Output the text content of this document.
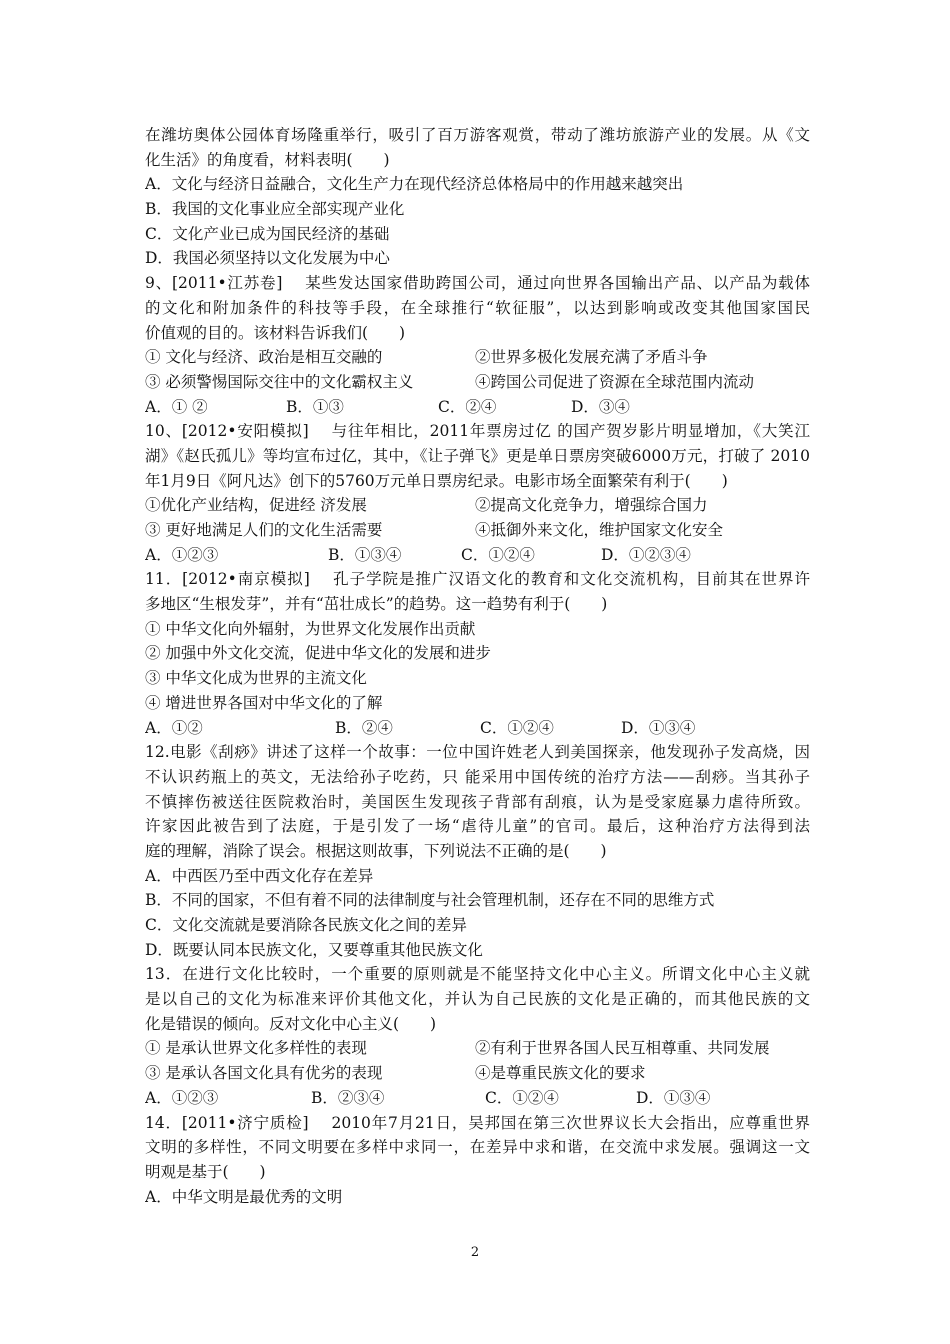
在潍坊奥体公园体育场隆重举行，吸引了百万游客观赏，带动了潍坊旅游产业的发展。从《文
化生活》的角度看，材料表明(　　)
A．文化与经济日益融合，文化生产力在现代经济总体格局中的作用越来越突出
B．我国的文化事业应全部实现产业化
C．文化产业已成为国民经济的基础
D．我国必须坚持以文化发展为中心
9、[2011•江苏卷]　 某些发达国家借助跨国公司，通过向世界各国输出产品、以产品为载体
的文化和附加条件的科技等手段，在全球推行“软征服”，以达到影响或改变其他国家国民
价值观的目的。该材料告诉我们(　　)
① 文化与经济、政治是相互交融的	②世界多极化发展充满了矛盾斗争
③ 必须警惕国际交往中的文化霸权主义	④跨国公司促进了资源在全球范围内流动
A．① ②	B．①③	C．②④	D．③④
10、[2012•安阳模拟]　 与往年相比，2011年票房过亿 的国产贺岁影片明显增加，《大笑江
湖》《赵氏孤儿》等均宣布过亿，其中，《让子弹飞》更是单日票房突破6000万元，打破了 2010
年1月9日《阿凡达》创下的5760万元单日票房纪录。电影市场全面繁荣有利于(　　)
①优化产业结构，促进经 济发展	②提高文化竞争力，增强综合国力
③ 更好地满足人们的文化生活需要	④抵御外来文化，维护国家文化安全
A．①②③	B．①③④	C．①②④	D．①②③④
11．[2012•南京模拟]　 孔子学院是推广汉语文化的教育和文化交流机构，目前其在世界许
多地区“生根发芽”，并有“茁壮成长”的趋势。这一趋势有利于(　　)
① 中华文化向外辐射，为世界文化发展作出贡献
② 加强中外文化交流，促进中华文化的发展和进步
③ 中华文化成为世界的主流文化
④ 增进世界各国对中华文化的了解
A．①②	B．②④	C．①②④	D．①③④
12.电影《刮痧》讲述了这样一个故事：一位中国许姓老人到美国探亲，他发现孙子发高烧，因
不认识药瓶上的英文，无法给孙子吃药，只 能采用中国传统的治疗方法——刮痧。当其孙子
不慎摔伤被送往医院救治时，美国医生发现孩子背部有刮痕，认为是受家庭暴力虐待所致。
许家因此被告到了法庭，于是引发了一场“虐待儿童”的官司。最后，这种治疗方法得到法
庭的理解，消除了误会。根据这则故事，下列说法不正确的是(　　)
A．中西医乃至中西文化存在差异
B．不同的国家，不但有着不同的法律制度与社会管理机制，还存在不同的思维方式
C．文化交流就是要消除各民族文化之间的差异
D．既要认同本民族文化，又要尊重其他民族文化
13．在进行文化比较时，一个重要的原则就是不能坚持文化中心主义。所谓文化中心主义就
是以自己的文化为标准来评价其他文化，并认为自己民族的文化是正确的，而其他民族的文
化是错误的倾向。反对文化中心主义(　　)
① 是承认世界文化多样性的表现	②有利于世界各国人民互相尊重、共同发展
③ 是承认各国文化具有优劣的表现	④是尊重民族文化的要求
A．①②③	B．②③④	C．①②④	D．①③④
14．[2011•济宁质检]　 2010年7月21日，吴邦国在第三次世界议长大会指出，应尊重世界
文明的多样性，不同文明要在多样中求同一，在差异中求和谐，在交流中求发展。强调这一文
明观是基于(　　)
A．中华文明是最优秀的文明
2
